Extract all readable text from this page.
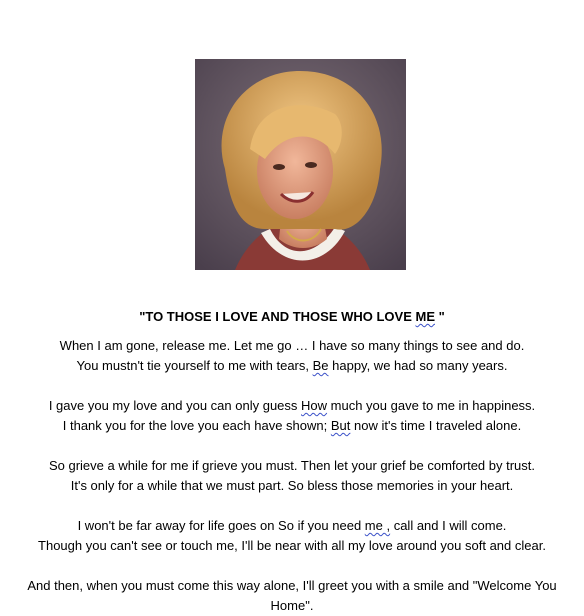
"TO THOSE I LOVE AND THOSE WHO LOVE ME "

When I am gone, release me. Let me go … I have so many things to see and do.

You mustn't tie yourself to me with tears, Be happy, we had so many years.

I gave you my love and you can only guess How much you gave to me in happiness.

I thank you for the love you each have shown; But now it's time I traveled alone.

So grieve a while for me if grieve you must. Then let your grief be comforted by trust.

It's only for a while that we must part. So bless those memories in your heart.

I won't be far away for life goes on So if you need me , call and I will come.

Though you can't see or touch me, I'll be near with all my love around you soft and clear.

And then, when you must come this way alone, I'll greet you with a smile and "Welcome You

Home".
